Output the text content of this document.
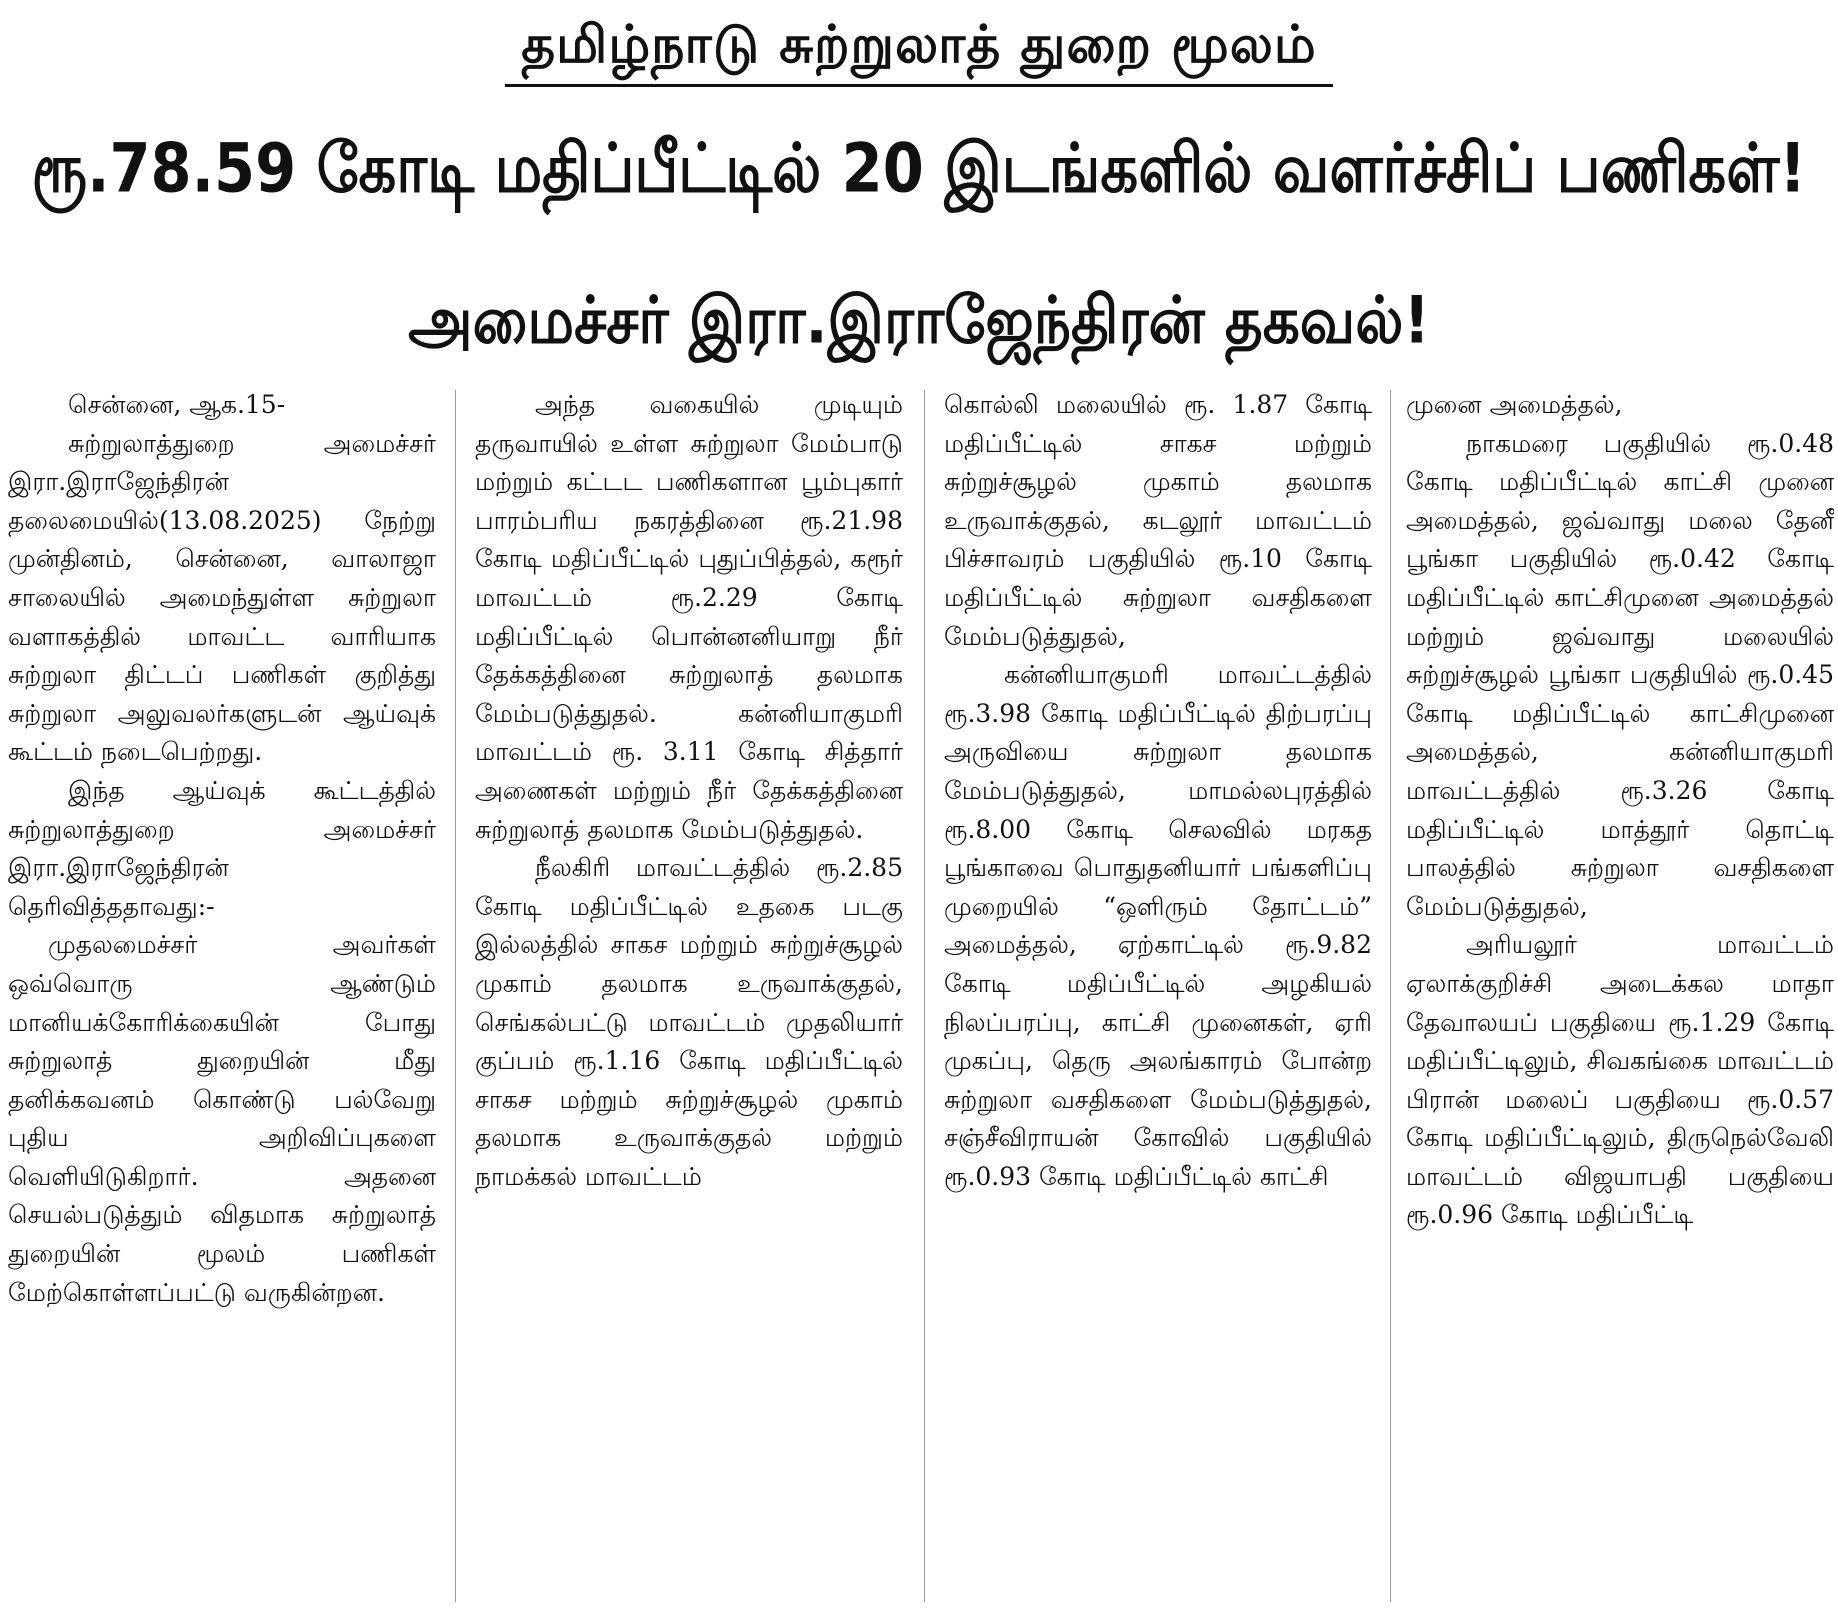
தமிழ்நாடு சுற்றுலாத் துறை மூலம்
ரூ.78.59 கோடி மதிப்பீட்டில் 20 இடங்களில் வளர்ச்சிப் பணிகள்!
அமைச்சர் இரா.இராஜேந்திரன் தகவல்!

சென்னை, ஆக.15-

சுற்றுலாத்துறை அமைச்சர் இரா.இராஜேந்திரன் தலைமையில்(13.08.2025) நேற்று முன்தினம், சென்னை, வாலாஜா சாலையில் அமைந்துள்ள சுற்றுலா வளாகத்தில் மாவட்ட வாரியாக சுற்றுலா திட்டப் பணிகள் குறித்து சுற்றுலா அலுவலர்களுடன் ஆய்வுக் கூட்டம் நடைபெற்றது.

இந்த ஆய்வுக் கூட்டத்தில் சுற்றுலாத்துறை அமைச்சர் இரா.இராஜேந்திரன் தெரிவித்ததாவது:-

முதலமைச்சர் அவர்கள் ஒவ்வொரு ஆண்டும் மானியக்கோரிக்கையின் போது சுற்றுலாத் துறையின் மீது தனிக்கவனம் கொண்டு பல்வேறு புதிய அறிவிப்புகளை வெளியிடுகிறார். அதனை செயல்படுத்தும் விதமாக சுற்றுலாத் துறையின் மூலம் பணிகள் மேற்கொள்ளப்பட்டு வருகின்றன.

அந்த வகையில் முடியும் தருவாயில் உள்ள சுற்றுலா மேம்பாடு மற்றும் கட்டட பணிகளான பூம்புகார் பாரம்பரிய நகரத்தினை ரூ.21.98 கோடி மதிப்பீட்டில் புதுப்பித்தல், கரூர் மாவட்டம் ரூ.2.29 கோடி மதிப்பீட்டில் பொன்னனியாறு நீர் தேக்கத்தினை சுற்றுலாத் தலமாக மேம்படுத்துதல். கன்னியாகுமரி மாவட்டம் ரூ. 3.11 கோடி சித்தார் அணைகள் மற்றும் நீர் தேக்கத்தினை சுற்றுலாத் தலமாக மேம்படுத்துதல்.

நீலகிரி மாவட்டத்தில் ரூ.2.85 கோடி மதிப்பீட்டில் உதகை படகு இல்லத்தில் சாகச மற்றும் சுற்றுச்சூழல் முகாம் தலமாக உருவாக்குதல், செங்கல்பட்டு மாவட்டம் முதலியார் குப்பம் ரூ.1.16 கோடி மதிப்பீட்டில் சாகச மற்றும் சுற்றுச்சூழல் முகாம் தலமாக உருவாக்குதல் மற்றும் நாமக்கல் மாவட்டம்

கொல்லி மலையில் ரூ. 1.87 கோடி மதிப்பீட்டில் சாகச மற்றும் சுற்றுச்சூழல் முகாம் தலமாக உருவாக்குதல், கடலூர் மாவட்டம் பிச்சாவரம் பகுதியில் ரூ.10 கோடி மதிப்பீட்டில் சுற்றுலா வசதிகளை மேம்படுத்துதல்,

கன்னியாகுமரி மாவட்டத்தில் ரூ.3.98 கோடி மதிப்பீட்டில் திற்பரப்பு அருவியை சுற்றுலா தலமாக மேம்படுத்துதல், மாமல்லபுரத்தில் ரூ.8.00 கோடி செலவில் மரகத பூங்காவை பொதுதனியார் பங்களிப்பு முறையில் “ஒளிரும் தோட்டம்” அமைத்தல், ஏற்காட்டில் ரூ.9.82 கோடி மதிப்பீட்டில் அழகியல் நிலப்பரப்பு, காட்சி முனைகள், ஏரி முகப்பு, தெரு அலங்காரம் போன்ற சுற்றுலா வசதிகளை மேம்படுத்துதல், சஞ்சீவிராயன் கோவில் பகுதியில் ரூ.0.93 கோடி மதிப்பீட்டில் காட்சி

முனை அமைத்தல்,

நாகமரை பகுதியில் ரூ.0.48 கோடி மதிப்பீட்டில் காட்சி முனை அமைத்தல், ஜவ்வாது மலை தேனீ பூங்கா பகுதியில் ரூ.0.42 கோடி மதிப்பீட்டில் காட்சிமுனை அமைத்தல் மற்றும் ஜவ்வாது மலையில் சுற்றுச்சூழல் பூங்கா பகுதியில் ரூ.0.45 கோடி மதிப்பீட்டில் காட்சிமுனை அமைத்தல், கன்னியாகுமரி மாவட்டத்தில் ரூ.3.26 கோடி மதிப்பீட்டில் மாத்தூர் தொட்டி பாலத்தில் சுற்றுலா வசதிகளை மேம்படுத்துதல்,

அரியலூர் மாவட்டம் ஏலாக்குறிச்சி அடைக்கல மாதா தேவாலயப் பகுதியை ரூ.1.29 கோடி மதிப்பீட்டிலும், சிவகங்கை மாவட்டம் பிரான் மலைப் பகுதியை ரூ.0.57 கோடி மதிப்பீட்டிலும், திருநெல்வேலி மாவட்டம் விஜயாபதி பகுதியை ரூ.0.96 கோடி மதிப்பீட்டி
